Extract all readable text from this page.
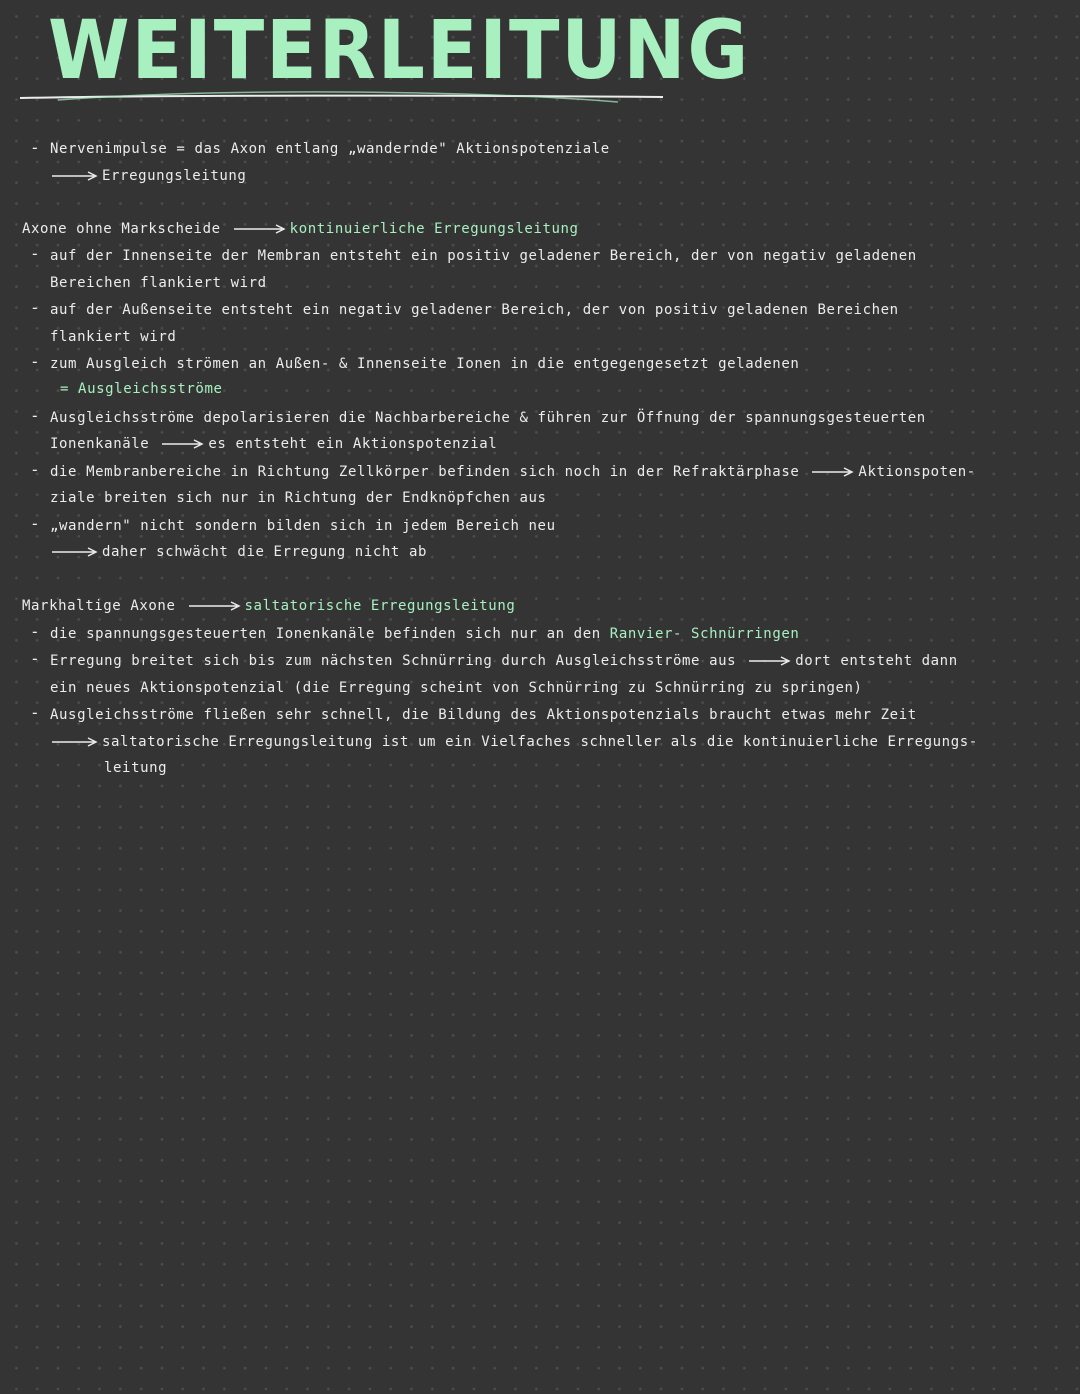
WEITERLEITUNG
- Nervenimpulse = das Axon entlang „wandernde" Aktionspotenziale
Erregungsleitung
Axone ohne Markscheide	kontinuierliche Erregungsleitung
- auf der Innenseite der Membran entsteht ein positiv geladener Bereich, der von negativ geladenen
Bereichen flankiert wird
- auf der Außenseite entsteht ein negativ geladener Bereich, der von positiv geladenen Bereichen
flankiert wird
- zum Ausgleich strömen an Außen- & Innenseite Ionen in die entgegengesetzt geladenen
= Ausgleichsströme
- Ausgleichsströme depolarisieren die Nachbarbereiche & führen zur Öffnung der spannungsgesteuerten
Ionenkanäle	es entsteht ein Aktionspotenzial
- die Membranbereiche in Richtung Zellkörper befinden sich noch in der Refraktärphase	Aktionspoten-
ziale breiten sich nur in Richtung der Endknöpfchen aus
- „wandern" nicht sondern bilden sich in jedem Bereich neu
daher schwächt die Erregung nicht ab
Markhaltige Axone	saltatorische Erregungsleitung
- die spannungsgesteuerten Ionenkanäle befinden sich nur an den Ranvier- Schnürringen
- Erregung breitet sich bis zum nächsten Schnürring durch Ausgleichsströme aus	dort entsteht dann
ein neues Aktionspotenzial (die Erregung scheint von Schnürring zu Schnürring zu springen)
- Ausgleichsströme fließen sehr schnell, die Bildung des Aktionspotenzials braucht etwas mehr Zeit
saltatorische Erregungsleitung ist um ein Vielfaches schneller als die kontinuierliche Erregungs-
leitung
